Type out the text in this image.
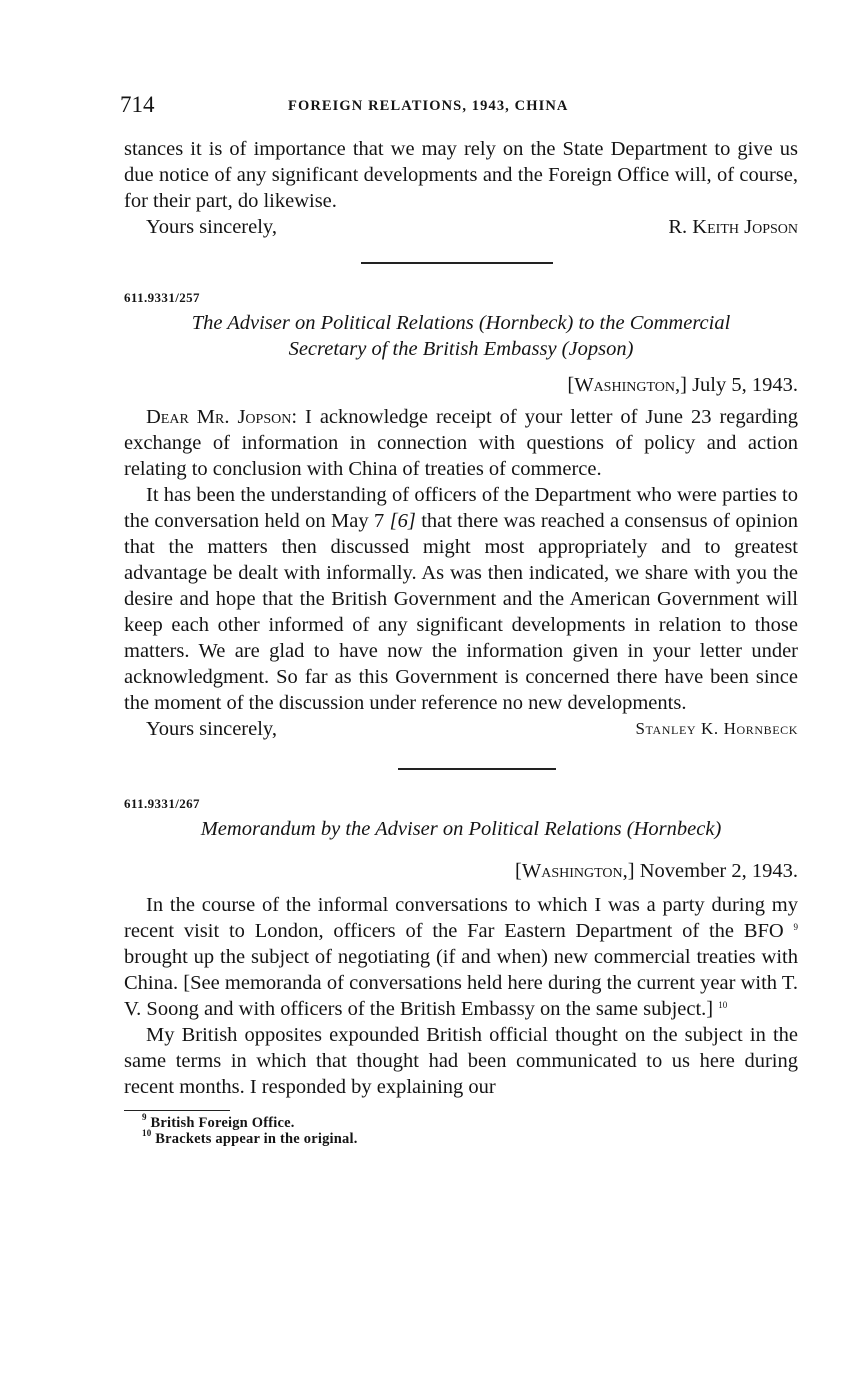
714	FOREIGN RELATIONS, 1943, CHINA

stances it is of importance that we may rely on the State Department to give us due notice of any significant developments and the Foreign Office will, of course, for their part, do likewise.

Yours sincerely,	R. Keith Jopson
611.9331/257
The Adviser on Political Relations (Hornbeck) to the Commercial
Secretary of the British Embassy (Jopson)
[Washington,] July 5, 1943.

Dear Mr. Jopson: I acknowledge receipt of your letter of June 23 regarding exchange of information in connection with questions of policy and action relating to conclusion with China of treaties of commerce.

It has been the understanding of officers of the Department who were parties to the conversation held on May 7 [6] that there was reached a consensus of opinion that the matters then discussed might most appropriately and to greatest advantage be dealt with informally. As was then indicated, we share with you the desire and hope that the British Government and the American Government will keep each other informed of any significant developments in relation to those matters. We are glad to have now the information given in your letter under acknowledgment. So far as this Government is concerned there have been since the moment of the discussion under reference no new developments.

Yours sincerely,	Stanley K. Hornbeck
611.9331/267
Memorandum by the Adviser on Political Relations (Hornbeck)
[Washington,] November 2, 1943.

In the course of the informal conversations to which I was a party during my recent visit to London, officers of the Far Eastern Department of the BFO $^9$ brought up the subject of negotiating (if and when) new commercial treaties with China. [See memoranda of conversations held here during the current year with T. V. Soong and with officers of the British Embassy on the same subject.] $^{10}$

My British opposites expounded British official thought on the subject in the same terms in which that thought had been communicated to us here during recent months. I responded by explaining our

$^9$ British Foreign Office.
$^{10}$ Brackets appear in the original.
